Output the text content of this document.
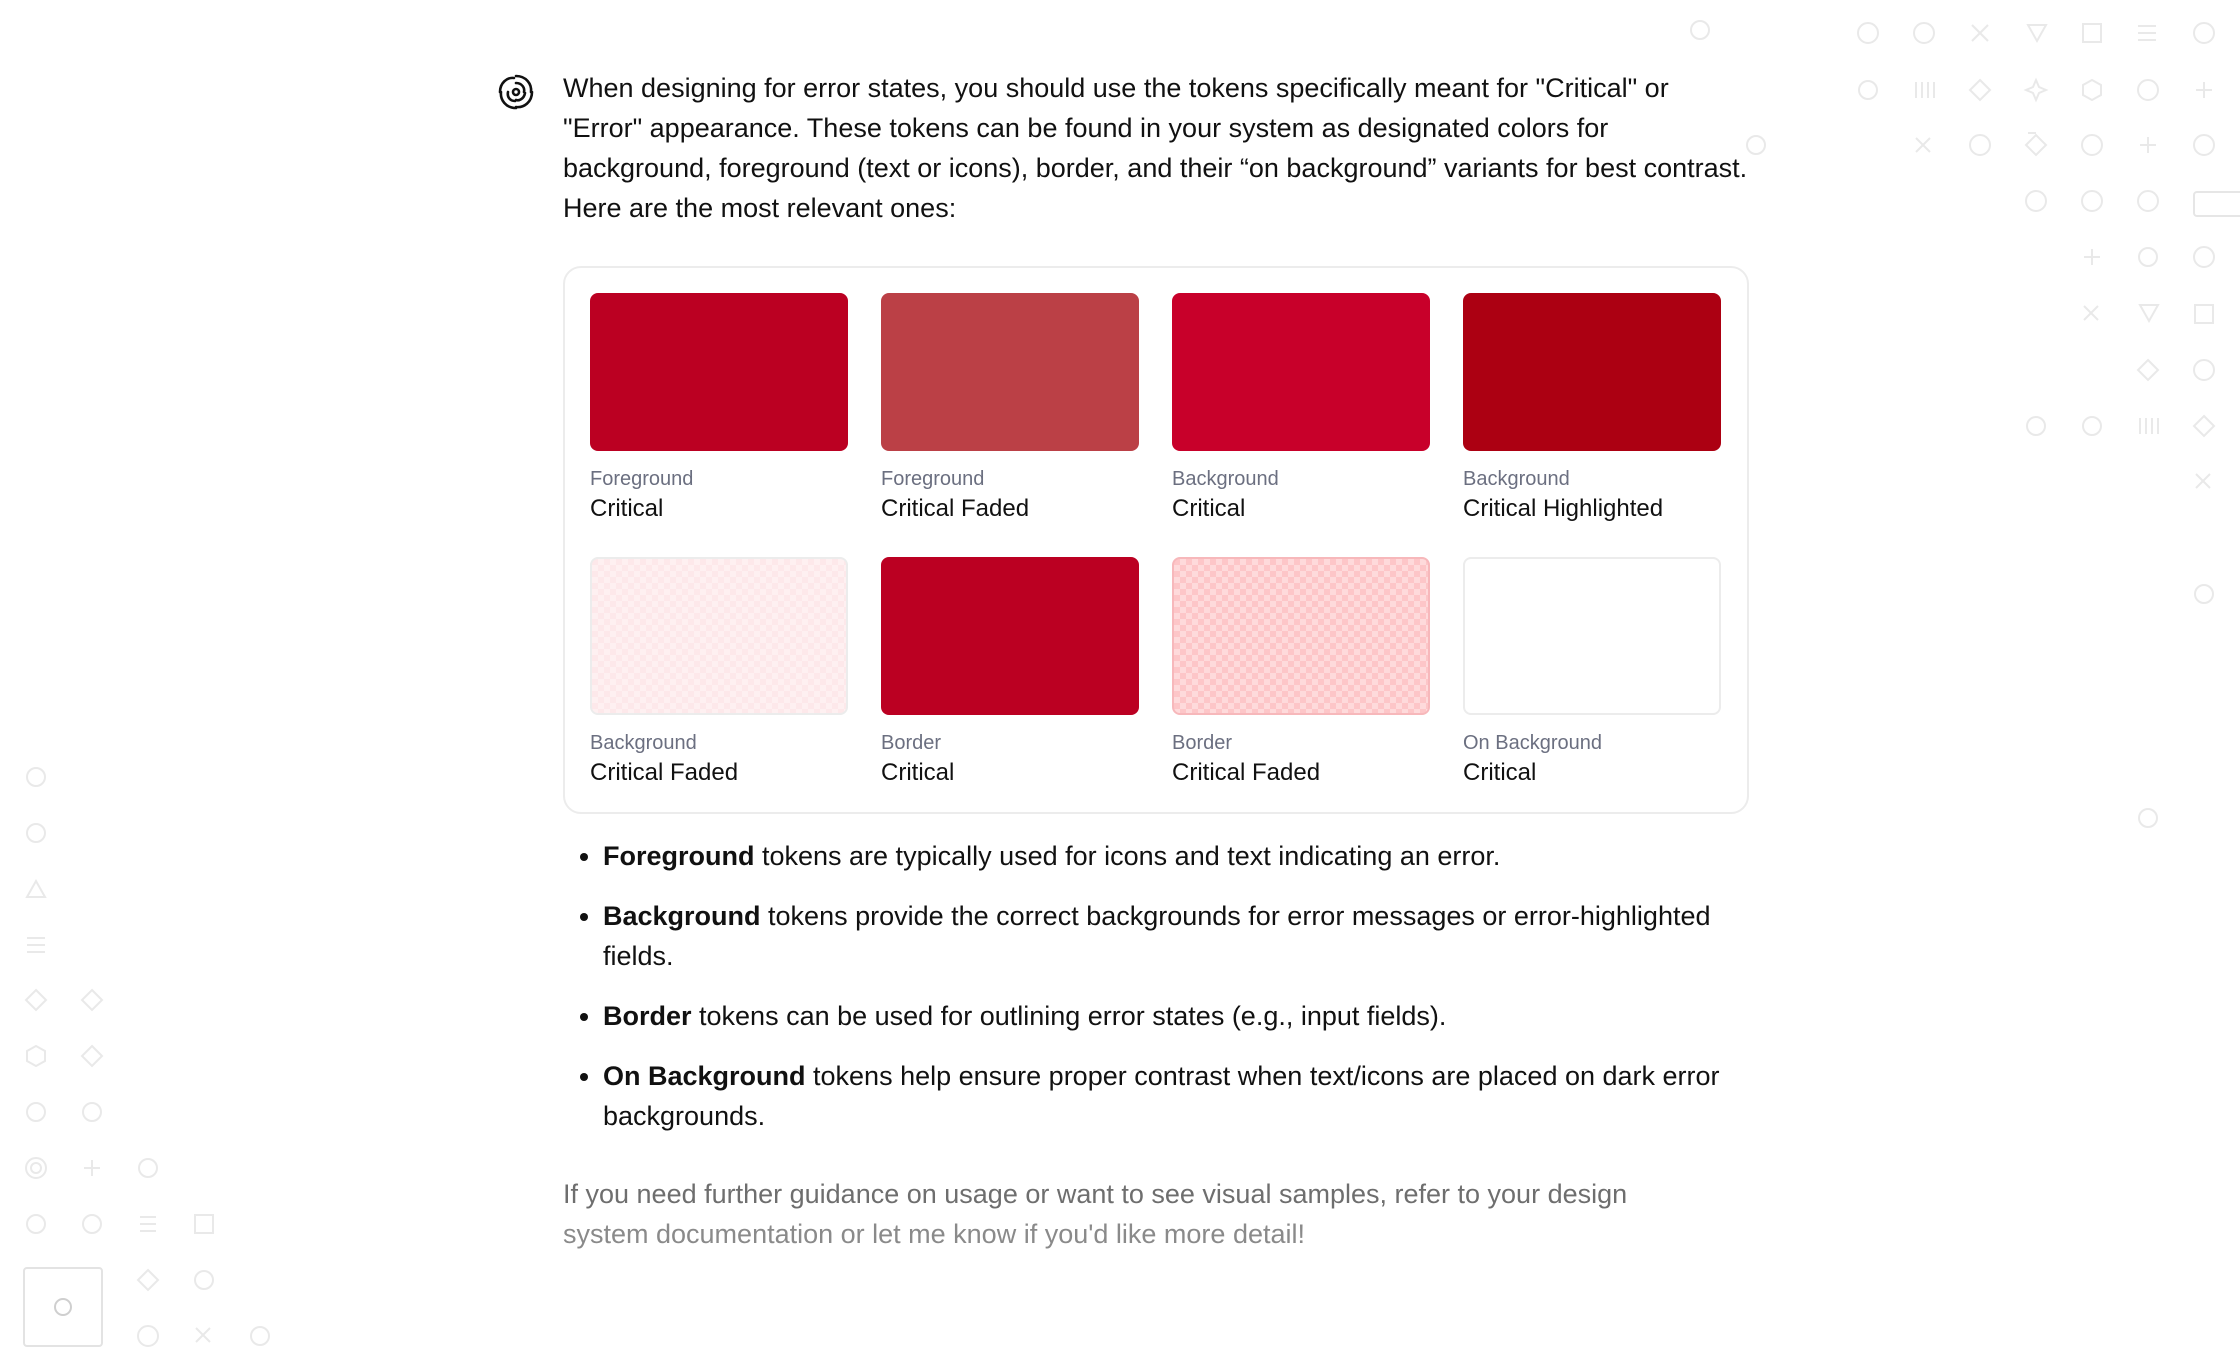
When designing for error states, you should use the tokens specifically meant for "Critical" or "Error" appearance. These tokens can be found in your system as designated colors for background, foreground (text or icons), border, and their “on background” variants for best contrast. Here are the most relevant ones:

Foreground
Critical
Foreground
Critical Faded
Background
Critical
Background
Critical Highlighted
Background
Critical Faded
Border
Critical
Border
Critical Faded
On Background
Critical
• Foreground tokens are typically used for icons and text indicating an error.
• Background tokens provide the correct backgrounds for error messages or error-highlighted fields.
• Border tokens can be used for outlining error states (e.g., input fields).
• On Background tokens help ensure proper contrast when text/icons are placed on dark error backgrounds.

If you need further guidance on usage or want to see visual samples, refer to your design
system documentation or let me know if you'd like more detail!
